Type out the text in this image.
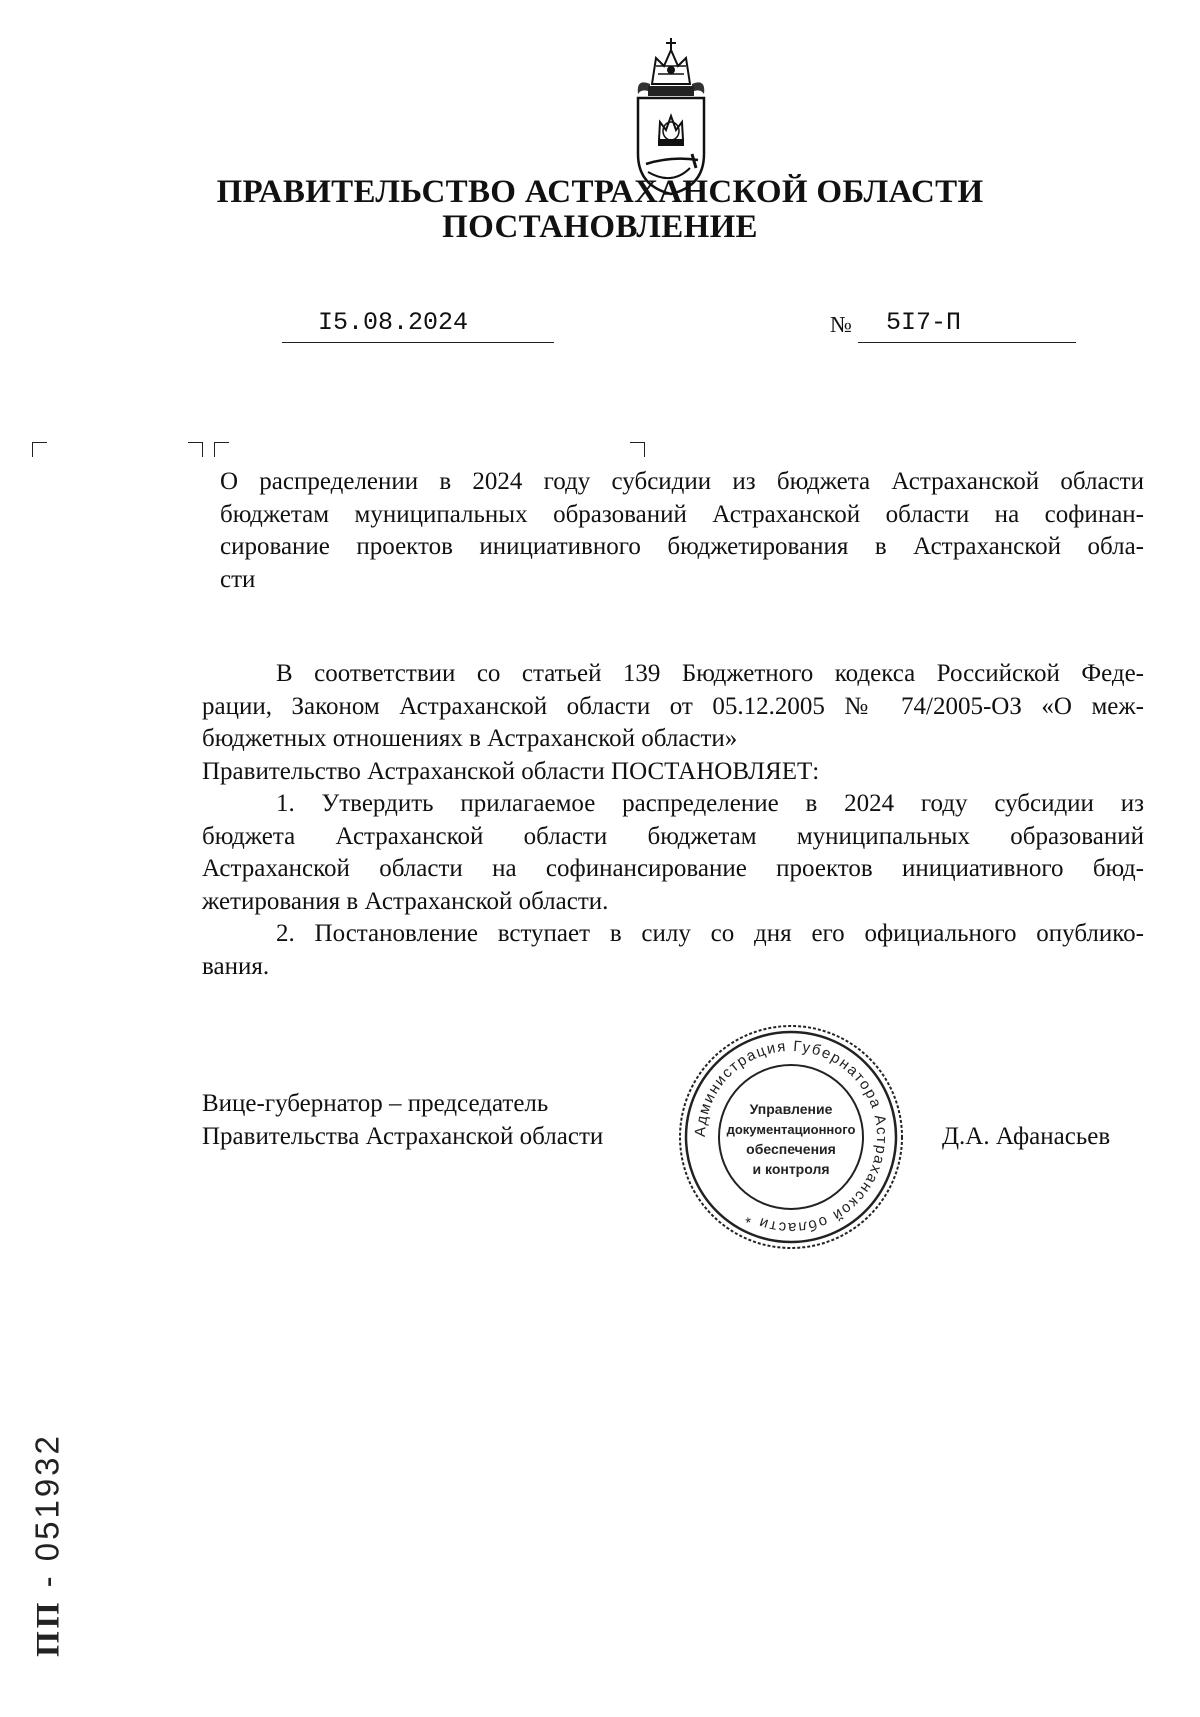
ПРАВИТЕЛЬСТВО АСТРАХАНСКОЙ ОБЛАСТИ
ПОСТАНОВЛЕНИЕ
I5.08.2024	№ 5I7-П
О распределении в 2024 году субсидии из бюджета Астраханской области
бюджетам муниципальных образований Астраханской области на софинан-
сирование проектов инициативного бюджетирования в Астраханской обла-
сти
В соответствии со статьей 139 Бюджетного кодекса Российской Феде-
рации, Законом Астраханской области от 05.12.2005 № 74/2005-ОЗ «О меж-
бюджетных отношениях в Астраханской области»
Правительство Астраханской области ПОСТАНОВЛЯЕТ:
1. Утвердить прилагаемое распределение в 2024 году субсидии из
бюджета Астраханской области бюджетам муниципальных образований
Астраханской области на софинансирование проектов инициативного бюд-
жетирования в Астраханской области.
2. Постановление вступает в силу со дня его официального опублико-
вания.
Вице-губернатор – председатель
Правительства Астраханской области	Д.А. Афанасьев
Администрация Губернатора Астраханской области *
Управление
документационного
обеспечения
и контроля
ПП - 051932
